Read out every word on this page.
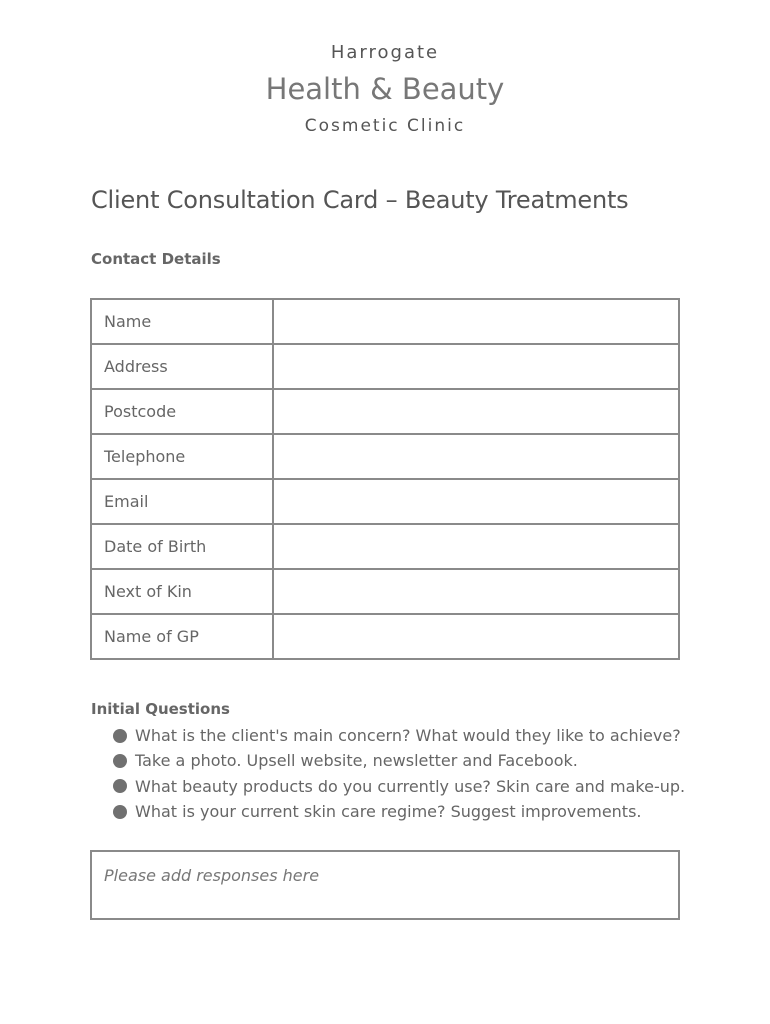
Harrogate
Health & Beauty
Cosmetic Clinic
Client Consultation Card – Beauty Treatments
Contact Details
Name	
Address	
Postcode	
Telephone	
Email	
Date of Birth	
Next of Kin	
Name of GP	
Initial Questions
What is the client's main concern? What would they like to achieve?
Take a photo. Upsell website, newsletter and Facebook.
What beauty products do you currently use? Skin care and make-up.
What is your current skin care regime? Suggest improvements.
Please add responses here
